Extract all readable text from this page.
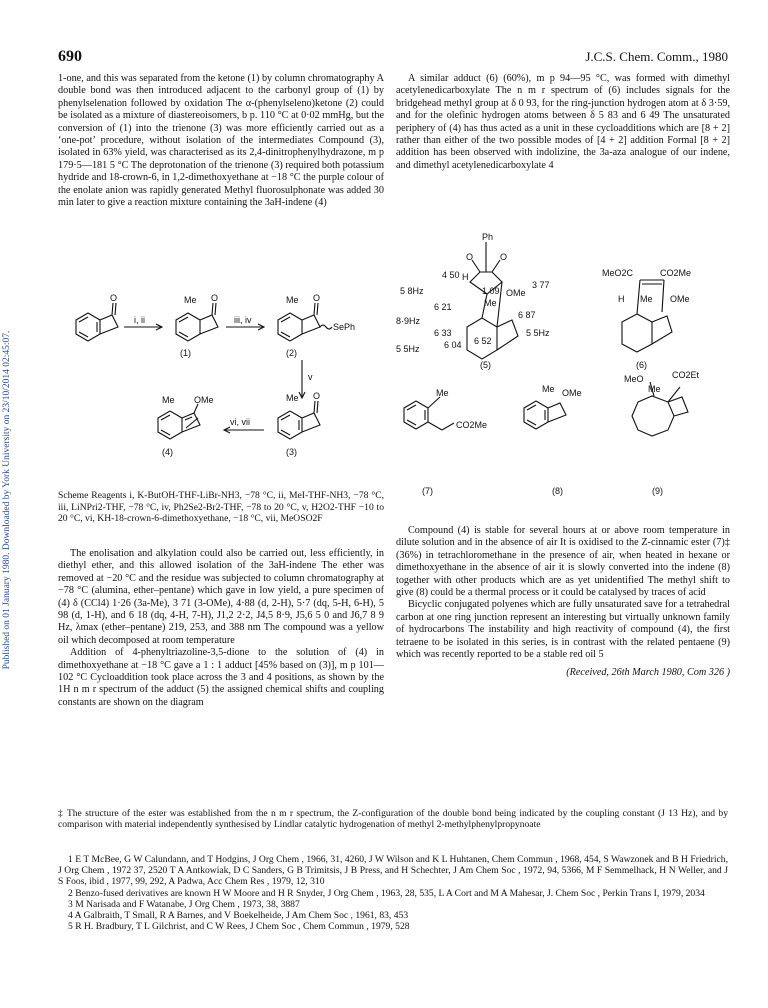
690	J.C.S. Chem. Comm., 1980
Published on 01 January 1980. Downloaded by York University on 23/10/2014 02:45:07.

1-one, and this was separated from the ketone (1) by column chromatography A double bond was then introduced adjacent to the carbonyl group of (1) by phenylselenation followed by oxidation The α-(phenylseleno)ketone (2) could be isolated as a mixture of diastereoisomers, b p. 110 °C at 0·02 mmHg, but the conversion of (1) into the trienone (3) was more efficiently carried out as a ‘one-pot’ procedure, without isolation of the intermediates Compound (3), isolated in 63% yield, was characterised as its 2,4-dinitrophenylhydrazone, m p 179·5—181 5 °C The deprotonation of the trienone (3) required both potassium hydride and 18-crown-6, in 1,2-dimethoxyethane at −18 °C the purple colour of the enolate anion was rapidly generated Methyl fluorosulphonate was added 30 min later to give a reaction mixture containing the 3aH-indene (4)

O
i, ii
Me O
iii, iv
Me O
SePh
v
Me O
vi, vii
Me OMe
(1)	(2)
(3)
(4)

Scheme Reagents i, K-ButOH-THF-LiBr-NH3, −78 °C, ii, MeI-THF-NH3, −78 °C, iii, LiNPri2-THF, −78 °C, iv, Ph2Se2-Br2-THF, −78 to 20 °C, v, H2O2-THF −10 to 20 °C, vi, KH-18-crown-6-dimethoxyethane, −18 °C, vii, MeOSO2F

The enolisation and alkylation could also be carried out, less efficiently, in diethyl ether, and this allowed isolation of the 3aH-indene The ether was removed at −20 °C and the residue was subjected to column chromatography at −78 °C (alumina, ether–pentane) which gave in low yield, a pure specimen of (4) δ (CCl4) 1·26 (3a-Me), 3 71 (3-OMe), 4·88 (d, 2-H), 5·7 (dq, 5-H, 6-H), 5 98 (d, 1-H), and 6 18 (dq, 4-H, 7-H), J1,2 2·2, J4,5 8·9, J5,6 5 0 and J6,7 8 9 Hz, λmax (ether–pentane) 219, 253, and 388 nm The compound was a yellow oil which decomposed at room temperature

Addition of 4-phenyltriazoline-3,5-dione to the solution of (4) in dimethoxyethane at −18 °C gave a 1 : 1 adduct [45% based on (3)], m p 101—102 °C Cycloaddition took place across the 3 and 4 positions, as shown by the 1H n m r spectrum of the adduct (5) the assigned chemical shifts and coupling constants are shown on the diagram

A similar adduct (6) (60%), m p 94—95 °C, was formed with dimethyl acetylenedicarboxylate The n m r spectrum of (6) includes signals for the bridgehead methyl group at δ 0 93, for the ring-junction hydrogen atom at δ 3·59, and for the olefinic hydrogen atoms between δ 5 83 and 6 49 The unsaturated periphery of (4) has thus acted as a unit in these cycloadditions which are [8 + 2] rather than either of the two possible modes of [4 + 2] addition Formal [8 + 2] addition has been observed with indolizine, the 3a-aza analogue of our indene, and dimethyl acetylenedicarboxylate 4

Ph
O	O
4 50 H
1 09 OMe
3 77
Me
5 8Hz
6 21
8·9Hz
6 33
5 5Hz	6 04 6 52
6 87
5 5Hz
(5)
MeO2C	CO2Me
H Me OMe
(6)
Me
CO2Me
Me OMe
MeO
Me
CO2Et
(7)	(8)	(9)

Compound (4) is stable for several hours at or above room temperature in dilute solution and in the absence of air It is oxidised to the Z-cinnamic ester (7)‡ (36%) in tetrachloromethane in the presence of air, when heated in hexane or dimethoxyethane in the absence of air it is slowly converted into the indene (8) together with other products which are as yet unidentified The methyl shift to give (8) could be a thermal process or it could be catalysed by traces of acid

Bicyclic conjugated polyenes which are fully unsaturated save for a tetrahedral carbon at one ring junction represent an interesting but virtually unknown family of hydrocarbons The instability and high reactivity of compound (4), the first tetraene to be isolated in this series, is in contrast with the related pentaene (9) which was recently reported to be a stable red oil 5

(Received, 26th March 1980, Com 326 )

‡ The structure of the ester was established from the n m r spectrum, the Z-configuration of the double bond being indicated by the coupling constant (J 13 Hz), and by comparison with material independently synthesised by Lindlar catalytic hydrogenation of methyl 2-methylphenylpropynoate

1 E T McBee, G W Calundann, and T Hodgins, J Org Chem , 1966, 31, 4260, J W Wilson and K L Huhtanen, Chem Commun , 1968, 454, S Wawzonek and B H Friedrich, J Org Chem , 1972 37, 2520 T A Antkowiak, D C Sanders, G B Trimitsis, J B Press, and H Schechter, J Am Chem Soc , 1972, 94, 5366, M F Semmelhack, H N Weller, and J S Foos, ibid , 1977, 99, 292, A Padwa, Acc Chem Res , 1979, 12, 310

2 Benzo-fused derivatives are known H W Moore and H R Snyder, J Org Chem , 1963, 28, 535, L A Cort and M A Mahesar, J. Chem Soc , Perkin Trans I, 1979, 2034

3 M Narisada and F Watanabe, J Org Chem , 1973, 38, 3887

4 A Galbraith, T Small, R A Barnes, and V Boekelheide, J Am Chem Soc , 1961, 83, 453

5 R H. Bradbury, T L Gilchrist, and C W Rees, J Chem Soc , Chem Commun , 1979, 528
